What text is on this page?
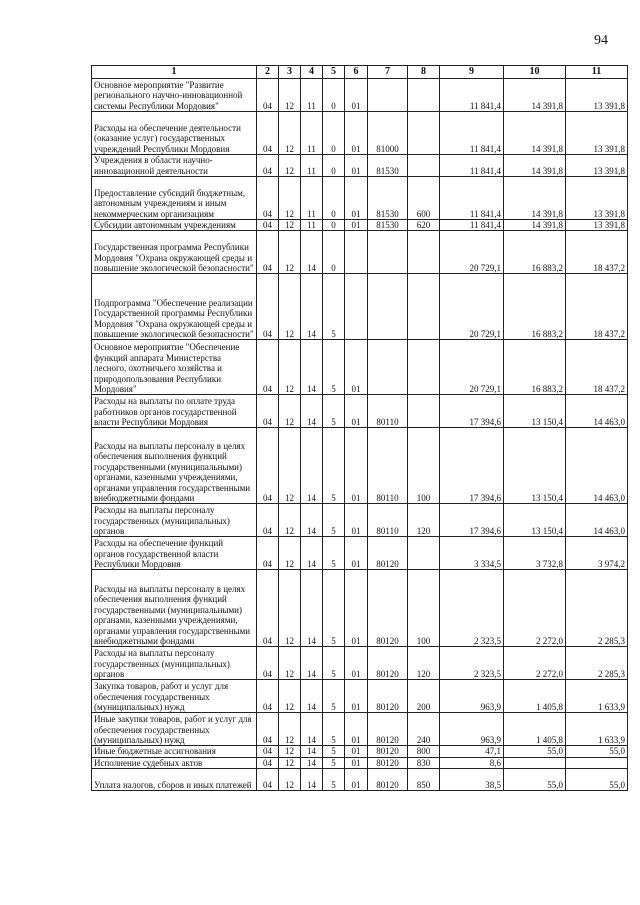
94
1	2	3	4	5	6	7	8	9	10	11
Основное мероприятие "Развитие регионального научно-инновационной системы Республики Мордовия"	04	12	11	0	01			11 841,4	14 391,8	13 391,8
Расходы на обеспечение деятельности (оказание услуг) государственных учреждений Республики Мордовия	04	12	11	0	01	81000		11 841,4	14 391,8	13 391,8
Учреждения в области научно-инновационной деятельности	04	12	11	0	01	81530		11 841,4	14 391,8	13 391,8
Предоставление субсидий бюджетным, автономным учреждениям и иным некоммерческим организациям	04	12	11	0	01	81530	600	11 841,4	14 391,8	13 391,8
Субсидии автономным учреждениям	04	12	11	0	01	81530	620	11 841,4	14 391,8	13 391,8
Государственная программа Республики Мордовия "Охрана окружающей среды и повышение экологической безопасности"	04	12	14	0				20 729,1	16 883,2	18 437,2
Подпрограмма "Обеспечение реализации Государственной программы Республики Мордовия "Охрана окружающей среды и повышение экологической безопасности"	04	12	14	5				20 729,1	16 883,2	18 437,2
Основное мероприятие "Обеспечение функций аппарата Министерства лесного, охотничьего хозяйства и природопользования Республики Мордовия"	04	12	14	5	01			20 729,1	16 883,2	18 437,2
Расходы на выплаты по оплате труда работников органов государственной власти Республики Мордовия	04	12	14	5	01	80110		17 394,6	13 150,4	14 463,0
Расходы на выплаты персоналу в целях обеспечения выполнения функций государственными (муниципальными) органами, казенными учреждениями, органами управления государственными внебюджетными фондами	04	12	14	5	01	80110	100	17 394,6	13 150,4	14 463,0
Расходы на выплаты персоналу государственных (муниципальных) органов	04	12	14	5	01	80110	120	17 394,6	13 150,4	14 463,0
Расходы на обеспечение функций органов государственной власти Республики Мордовия	04	12	14	5	01	80120		3 334,5	3 732,8	3 974,2
Расходы на выплаты персоналу в целях обеспечения выполнения функций государственными (муниципальными) органами, казенными учреждениями, органами управления государственными внебюджетными фондами	04	12	14	5	01	80120	100	2 323,5	2 272,0	2 285,3
Расходы на выплаты персоналу государственных (муниципальных) органов	04	12	14	5	01	80120	120	2 323,5	2 272,0	2 285,3
Закупка товаров, работ и услуг для обеспечения государственных (муниципальных) нужд	04	12	14	5	01	80120	200	963,9	1 405,8	1 633,9
Иные закупки товаров, работ и услуг для обеспечения государственных (муниципальных) нужд	04	12	14	5	01	80120	240	963,9	1 405,8	1 633,9
Иные бюджетные ассигнования	04	12	14	5	01	80120	800	47,1	55,0	55,0
Исполнение судебных актов	04	12	14	5	01	80120	830	8,6		
Уплата налогов, сборов и иных платежей	04	12	14	5	01	80120	850	38,5	55,0	55,0
